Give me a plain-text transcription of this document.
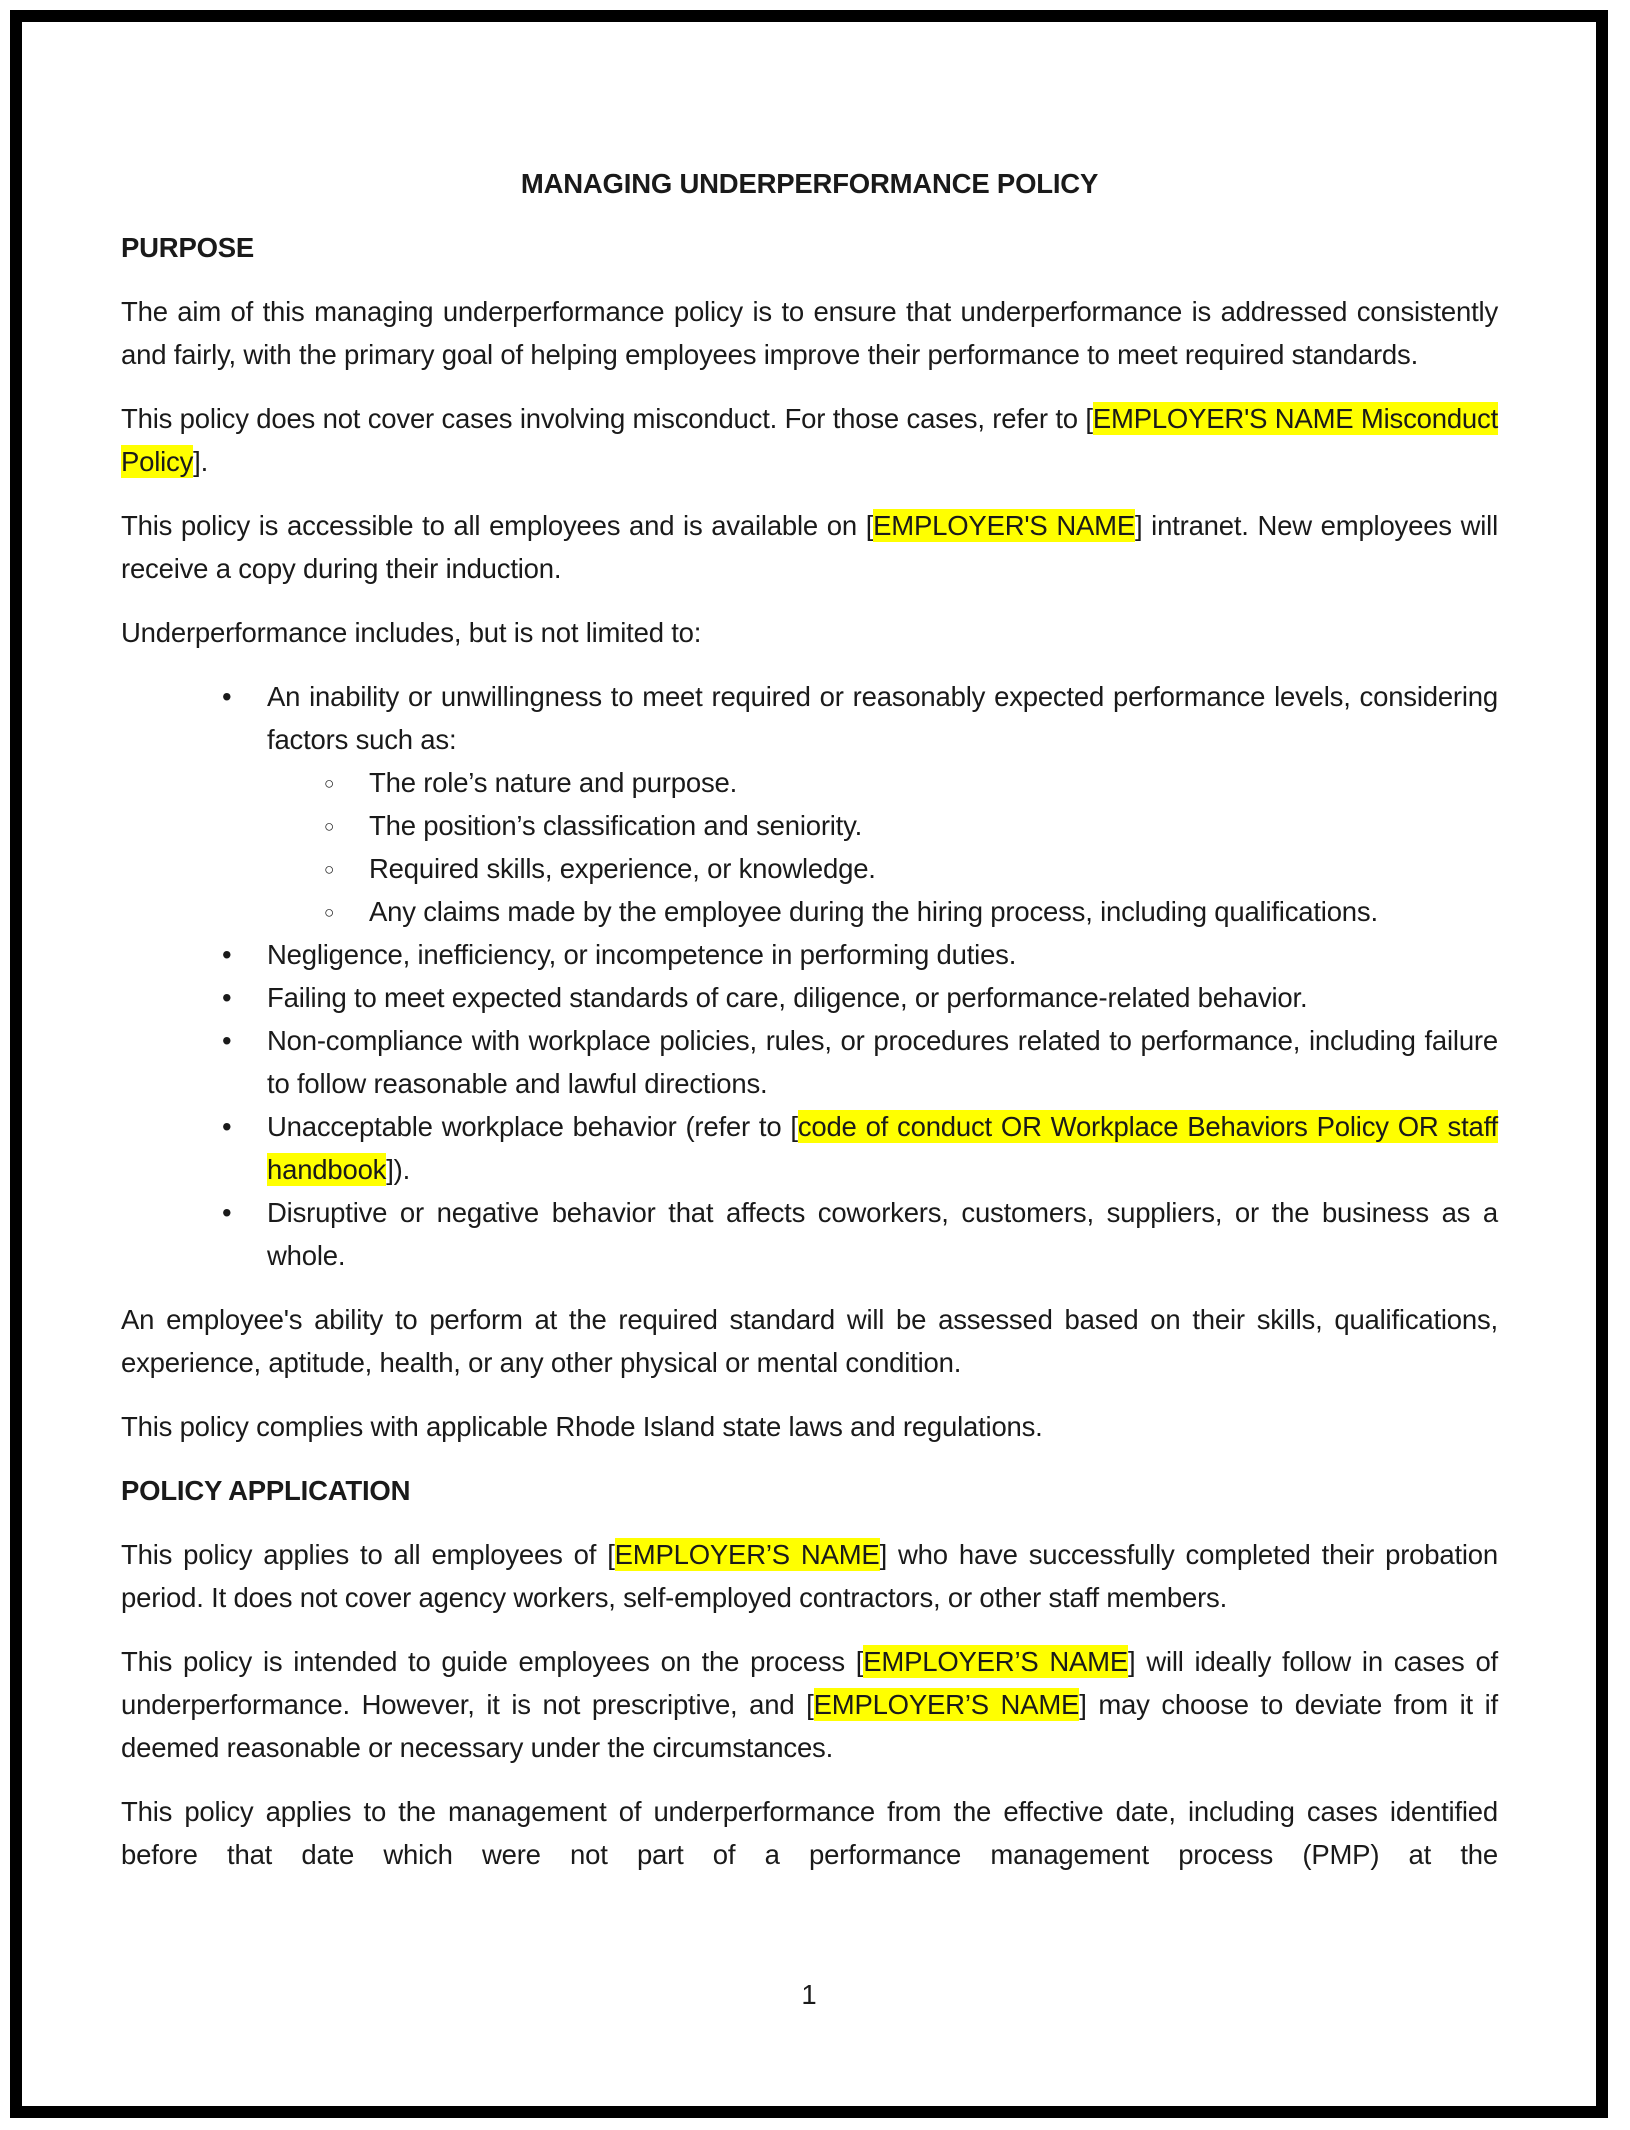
MANAGING UNDERPERFORMANCE POLICY

PURPOSE

The aim of this managing underperformance policy is to ensure that underperformance is addressed consistently and fairly, with the primary goal of helping employees improve their performance to meet required standards.

This policy does not cover cases involving misconduct. For those cases, refer to [EMPLOYER'S NAME Misconduct Policy].

This policy is accessible to all employees and is available on [EMPLOYER'S NAME] intranet. New employees will receive a copy during their induction.

Underperformance includes, but is not limited to:

• An inability or unwillingness to meet required or reasonably expected performance levels, considering factors such as:
○ The role’s nature and purpose.
○ The position’s classification and seniority.
○ Required skills, experience, or knowledge.
○ Any claims made by the employee during the hiring process, including qualifications.
• Negligence, inefficiency, or incompetence in performing duties.
• Failing to meet expected standards of care, diligence, or performance-related behavior.
• Non-compliance with workplace policies, rules, or procedures related to performance, including failure to follow reasonable and lawful directions.
• Unacceptable workplace behavior (refer to [code of conduct OR Workplace Behaviors Policy OR staff handbook]).
• Disruptive or negative behavior that affects coworkers, customers, suppliers, or the business as a whole.

An employee's ability to perform at the required standard will be assessed based on their skills, qualifications, experience, aptitude, health, or any other physical or mental condition.

This policy complies with applicable Rhode Island state laws and regulations.

POLICY APPLICATION

This policy applies to all employees of [EMPLOYER’S NAME] who have successfully completed their probation period. It does not cover agency workers, self-employed contractors, or other staff members.

This policy is intended to guide employees on the process [EMPLOYER’S NAME] will ideally follow in cases of underperformance. However, it is not prescriptive, and [EMPLOYER’S NAME] may choose to deviate from it if deemed reasonable or necessary under the circumstances.

This policy applies to the management of underperformance from the effective date, including cases identified before that date which were not part of a performance management process (PMP) at the

1
